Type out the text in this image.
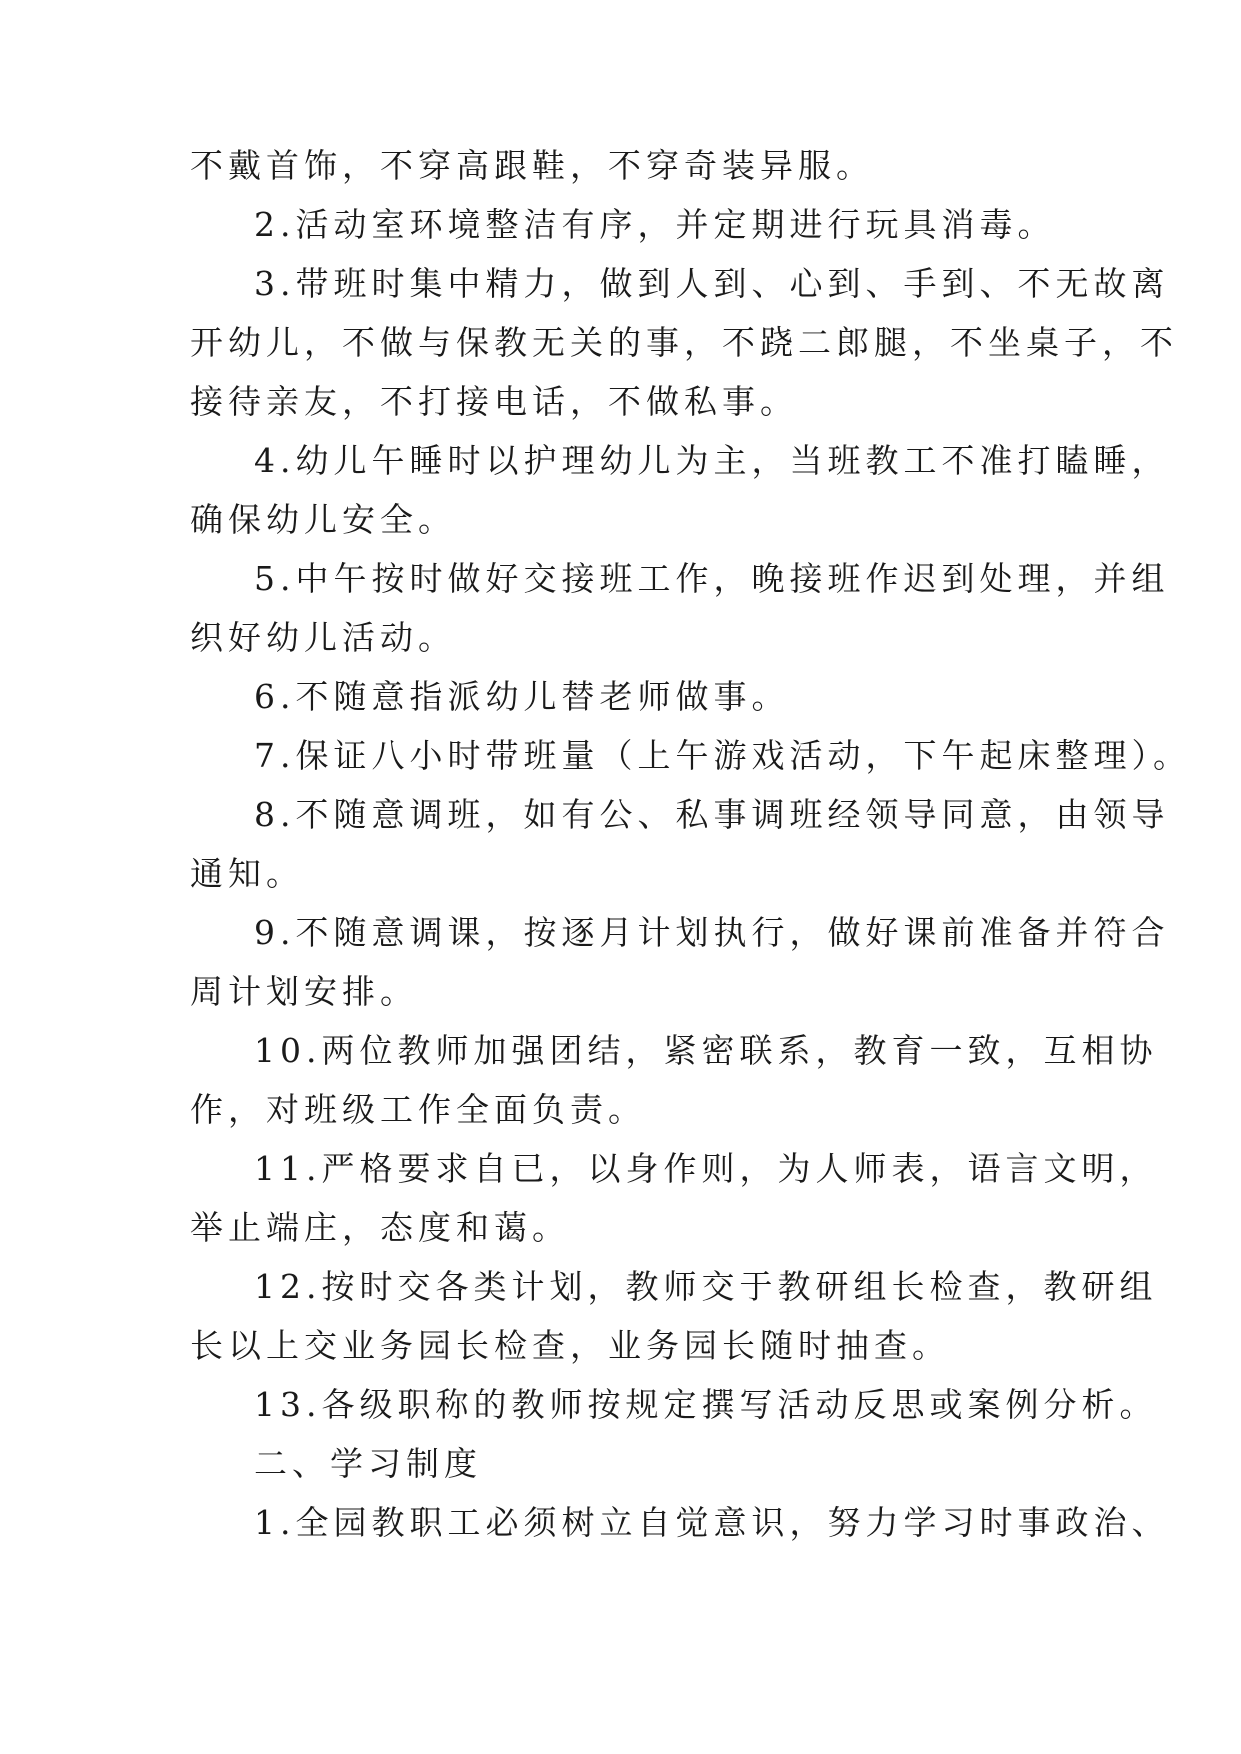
不戴首饰，不穿高跟鞋，不穿奇装异服。
2.活动室环境整洁有序，并定期进行玩具消毒。
3.带班时集中精力，做到人到、心到、手到、不无故离
开幼儿，不做与保教无关的事，不跷二郎腿，不坐桌子，不
接待亲友，不打接电话，不做私事。
4.幼儿午睡时以护理幼儿为主，当班教工不准打瞌睡，
确保幼儿安全。
5.中午按时做好交接班工作，晚接班作迟到处理，并组
织好幼儿活动。
6.不随意指派幼儿替老师做事。
7.保证八小时带班量（上午游戏活动，下午起床整理）。
8.不随意调班，如有公、私事调班经领导同意，由领导
通知。
9.不随意调课，按逐月计划执行，做好课前准备并符合
周计划安排。
10.两位教师加强团结，紧密联系，教育一致，互相协
作，对班级工作全面负责。
11.严格要求自已，以身作则，为人师表，语言文明，
举止端庄，态度和蔼。
12.按时交各类计划，教师交于教研组长检查，教研组
长以上交业务园长检查，业务园长随时抽查。
13.各级职称的教师按规定撰写活动反思或案例分析。
二、学习制度
1.全园教职工必须树立自觉意识，努力学习时事政治、
